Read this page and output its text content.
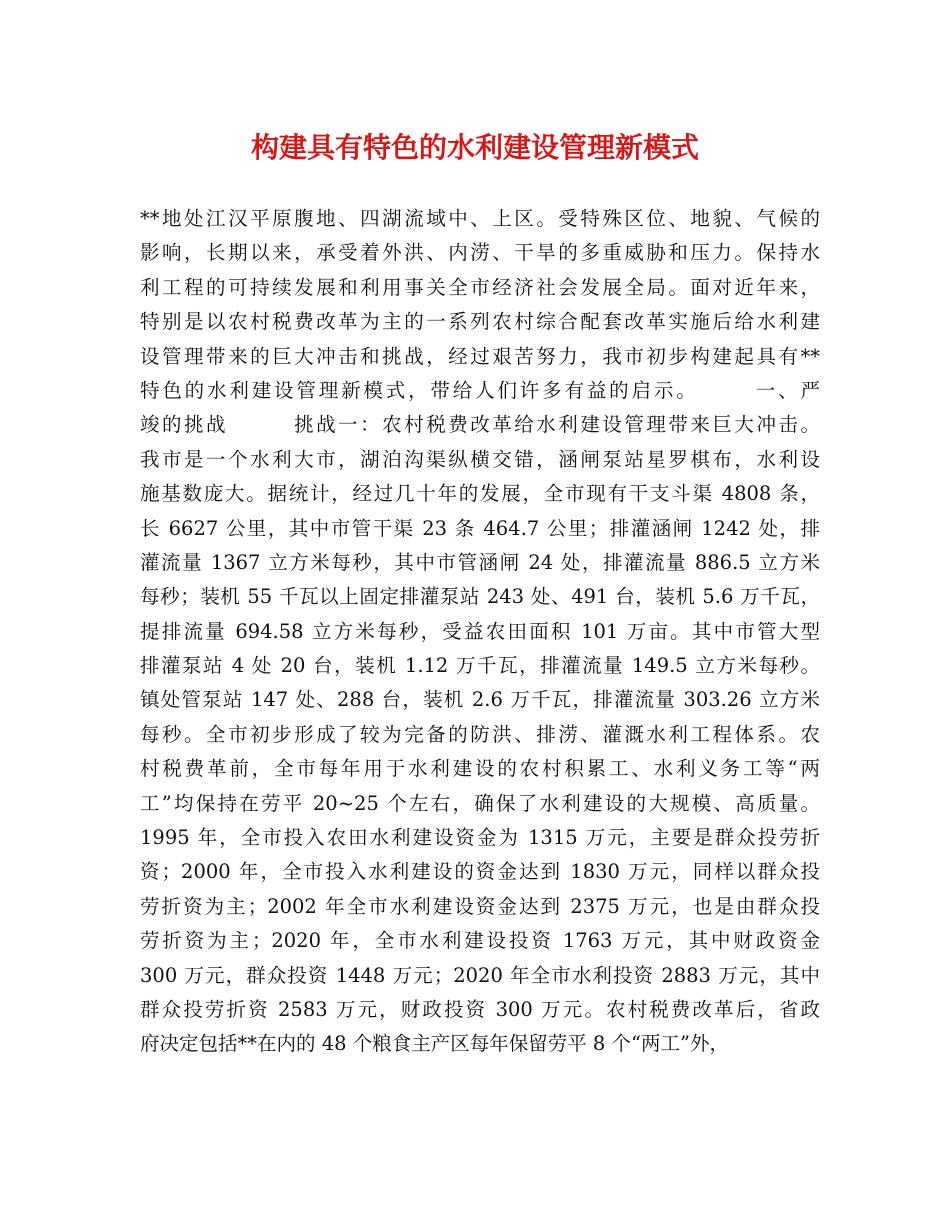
构建具有特色的水利建设管理新模式
**地处江汉平原腹地、四湖流域中、上区。受特殊区位、地貌、气候的
影响，长期以来，承受着外洪、内涝、干旱的多重威胁和压力。保持水
利工程的可持续发展和利用事关全市经济社会发展全局。面对近年来，
特别是以农村税费改革为主的一系列农村综合配套改革实施后给水利建
设管理带来的巨大冲击和挑战，经过艰苦努力，我市初步构建起具有**
特色的水利建设管理新模式，带给人们许多有益的启示。　　　一、严
竣的挑战　　　挑战一：农村税费改革给水利建设管理带来巨大冲击。
我市是一个水利大市，湖泊沟渠纵横交错，涵闸泵站星罗棋布，水利设
施基数庞大。据统计，经过几十年的发展，全市现有干支斗渠 4808 条，
长 6627 公里，其中市管干渠 23 条 464.7 公里；排灌涵闸 1242 处，排
灌流量 1367 立方米每秒，其中市管涵闸 24 处，排灌流量 886.5 立方米
每秒；装机 55 千瓦以上固定排灌泵站 243 处、491 台，装机 5.6 万千瓦，
提排流量 694.58 立方米每秒，受益农田面积 101 万亩。其中市管大型
排灌泵站 4 处 20 台，装机 1.12 万千瓦，排灌流量 149.5 立方米每秒。
镇处管泵站 147 处、288 台，装机 2.6 万千瓦，排灌流量 303.26 立方米
每秒。全市初步形成了较为完备的防洪、排涝、灌溉水利工程体系。农
村税费革前，全市每年用于水利建设的农村积累工、水利义务工等“两
工”均保持在劳平 20~25 个左右，确保了水利建设的大规模、高质量。
1995 年，全市投入农田水利建设资金为 1315 万元，主要是群众投劳折
资；2000 年，全市投入水利建设的资金达到 1830 万元，同样以群众投
劳折资为主；2002 年全市水利建设资金达到 2375 万元，也是由群众投
劳折资为主；2020 年，全市水利建设投资 1763 万元，其中财政资金
300 万元，群众投资 1448 万元；2020 年全市水利投资 2883 万元，其中
群众投劳折资 2583 万元，财政投资 300 万元。农村税费改革后，省政
府决定包括**在内的 48 个粮食主产区每年保留劳平 8 个“两工”外，
